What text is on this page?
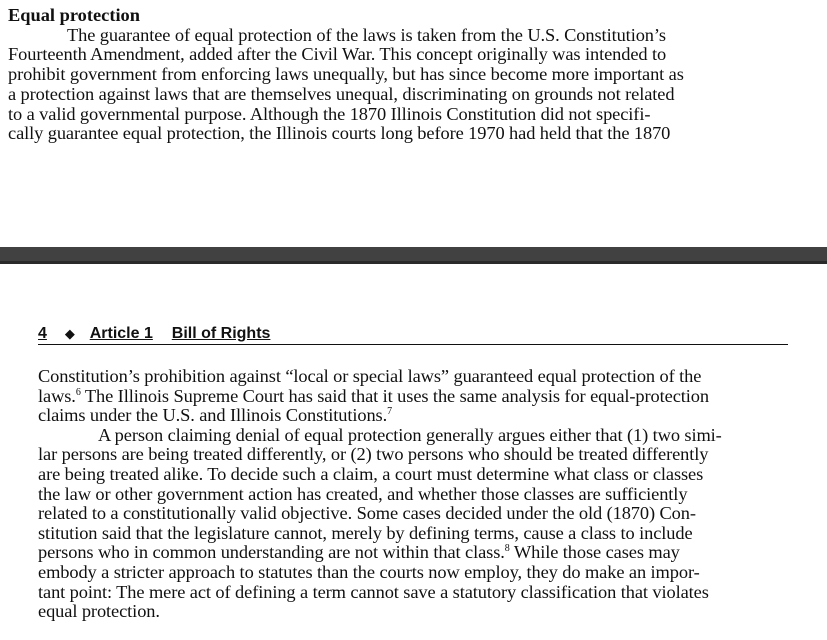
Equal protection
The guarantee of equal protection of the laws is taken from the U.S. Constitution’s
Fourteenth Amendment, added after the Civil War. This concept originally was intended to
prohibit government from enforcing laws unequally, but has since become more important as
a protection against laws that are themselves unequal, discriminating on grounds not related
to a valid governmental purpose. Although the 1870 Illinois Constitution did not specifi-
cally guarantee equal protection, the Illinois courts long before 1970 had held that the 1870
4 ◆ Article 1 Bill of Rights
Constitution’s prohibition against “local or special laws” guaranteed equal protection of the
laws.$^6$ The Illinois Supreme Court has said that it uses the same analysis for equal-protection
claims under the U.S. and Illinois Constitutions.$^7$
A person claiming denial of equal protection generally argues either that (1) two simi-
lar persons are being treated differently, or (2) two persons who should be treated differently
are being treated alike. To decide such a claim, a court must determine what class or classes
the law or other government action has created, and whether those classes are sufficiently
related to a constitutionally valid objective. Some cases decided under the old (1870) Con-
stitution said that the legislature cannot, merely by defining terms, cause a class to include
persons who in common understanding are not within that class.$^8$ While those cases may
embody a stricter approach to statutes than the courts now employ, they do make an impor-
tant point: The mere act of defining a term cannot save a statutory classification that violates
equal protection.
